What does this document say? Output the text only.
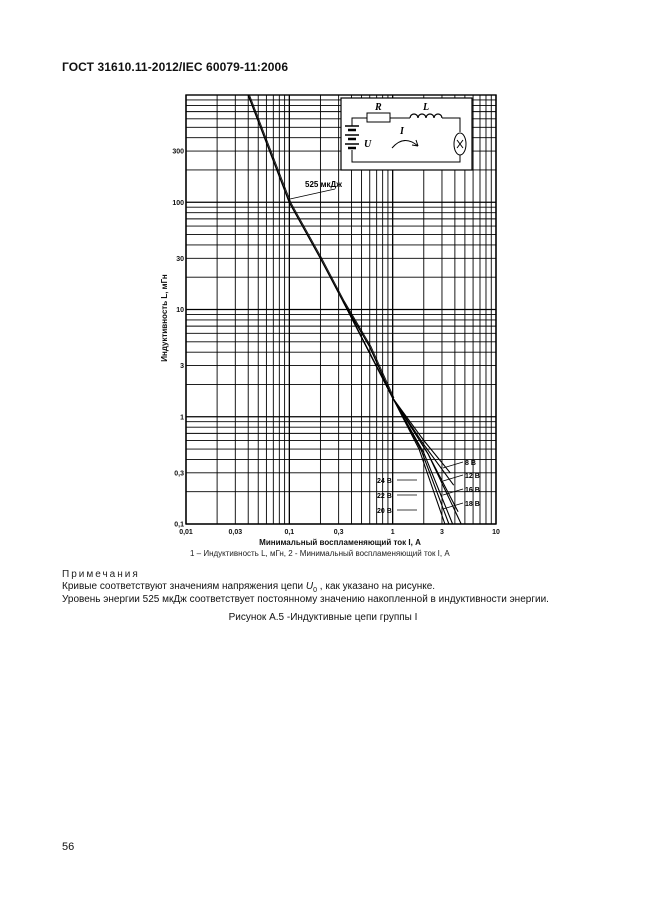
ГОСТ 31610.11-2012/IEC 60079-11:2006
0,01	0,03	0,1	0,3	1	3	10
0,1
0,3
1
3
10
30
100
300
8 В
12 В
16 В
18 В
24 В
22 В
20 В
Индуктивность L, мГн
Минимальный воспламеняющий ток I, А
R	L
I
U
525 мкДж
1 – Индуктивность L, мГн, 2 - Минимальный воспламеняющий ток I, А
Примечания
Кривые соответствуют значениям напряжения цепи $U_0$ , как указано на рисунке.
Уровень энергии 525 мкДж соответствует постоянному значению накопленной в индуктивности энергии.
Рисунок А.5 -Индуктивные цепи группы I
56
